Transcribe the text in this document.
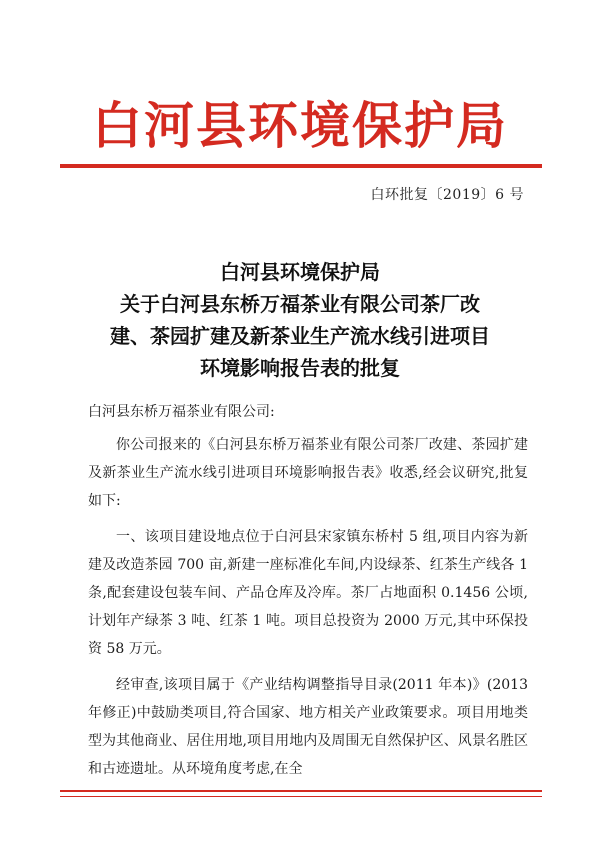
白河县环境保护局
白环批复〔2019〕6 号
白河县环境保护局
关于白河县东桥万福茶业有限公司茶厂改
建、茶园扩建及新茶业生产流水线引进项目
环境影响报告表的批复
白河县东桥万福茶业有限公司:

你公司报来的《白河县东桥万福茶业有限公司茶厂改建、茶园扩建及新茶业生产流水线引进项目环境影响报告表》收悉,经会议研究,批复如下:

一、该项目建设地点位于白河县宋家镇东桥村 5 组,项目内容为新建及改造茶园 700 亩,新建一座标准化车间,内设绿茶、红茶生产线各 1 条,配套建设包装车间、产品仓库及冷库。茶厂占地面积 0.1456 公顷,计划年产绿茶 3 吨、红茶 1 吨。项目总投资为 2000 万元,其中环保投资 58 万元。

经审查,该项目属于《产业结构调整指导目录(2011 年本)》(2013 年修正)中鼓励类项目,符合国家、地方相关产业政策要求。项目用地类型为其他商业、居住用地,项目用地内及周围无自然保护区、风景名胜区和古迹遗址。从环境角度考虑,在全
